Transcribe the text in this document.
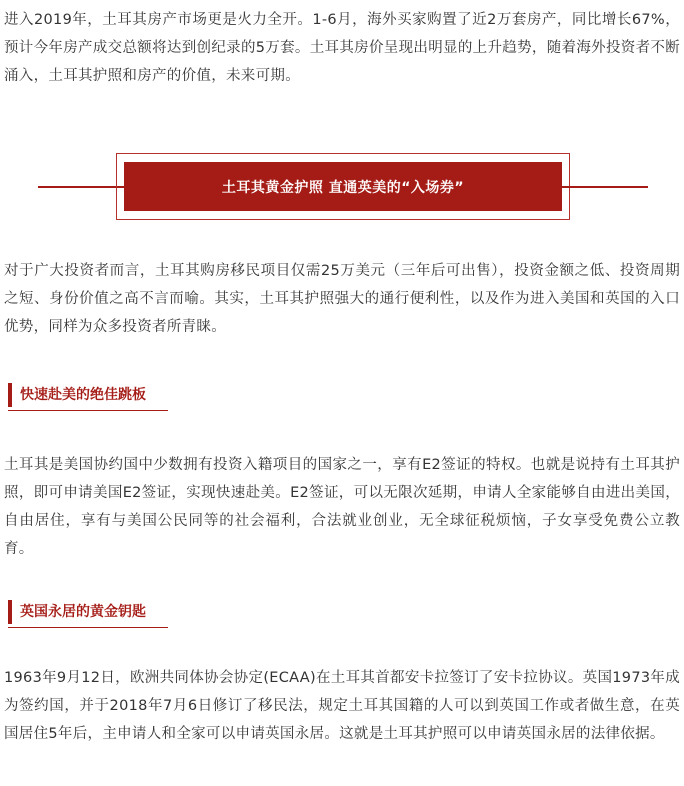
进入2019年，土耳其房产市场更是火力全开。1-6月，海外买家购置了近2万套房产，同比增长67%，预计今年房产成交总额将达到创纪录的5万套。土耳其房价呈现出明显的上升趋势，随着海外投资者不断涌入，土耳其护照和房产的价值，未来可期。

土耳其黄金护照 直通英美的“入场券”

对于广大投资者而言，土耳其购房移民项目仅需25万美元（三年后可出售），投资金额之低、投资周期之短、身份价值之高不言而喻。其实，土耳其护照强大的通行便利性，以及作为进入美国和英国的入口优势，同样为众多投资者所青睐。

快速赴美的绝佳跳板

土耳其是美国协约国中少数拥有投资入籍项目的国家之一，享有E2签证的特权。也就是说持有土耳其护照，即可申请美国E2签证，实现快速赴美。E2签证，可以无限次延期，申请人全家能够自由进出美国，自由居住，享有与美国公民同等的社会福利，合法就业创业，无全球征税烦恼，子女享受免费公立教育。

英国永居的黄金钥匙

1963年9月12日，欧洲共同体协会协定(ECAA)在土耳其首都安卡拉签订了安卡拉协议。英国1973年成为签约国，并于2018年7月6日修订了移民法，规定土耳其国籍的人可以到英国工作或者做生意，在英国居住5年后，主申请人和全家可以申请英国永居。这就是土耳其护照可以申请英国永居的法律依据。
